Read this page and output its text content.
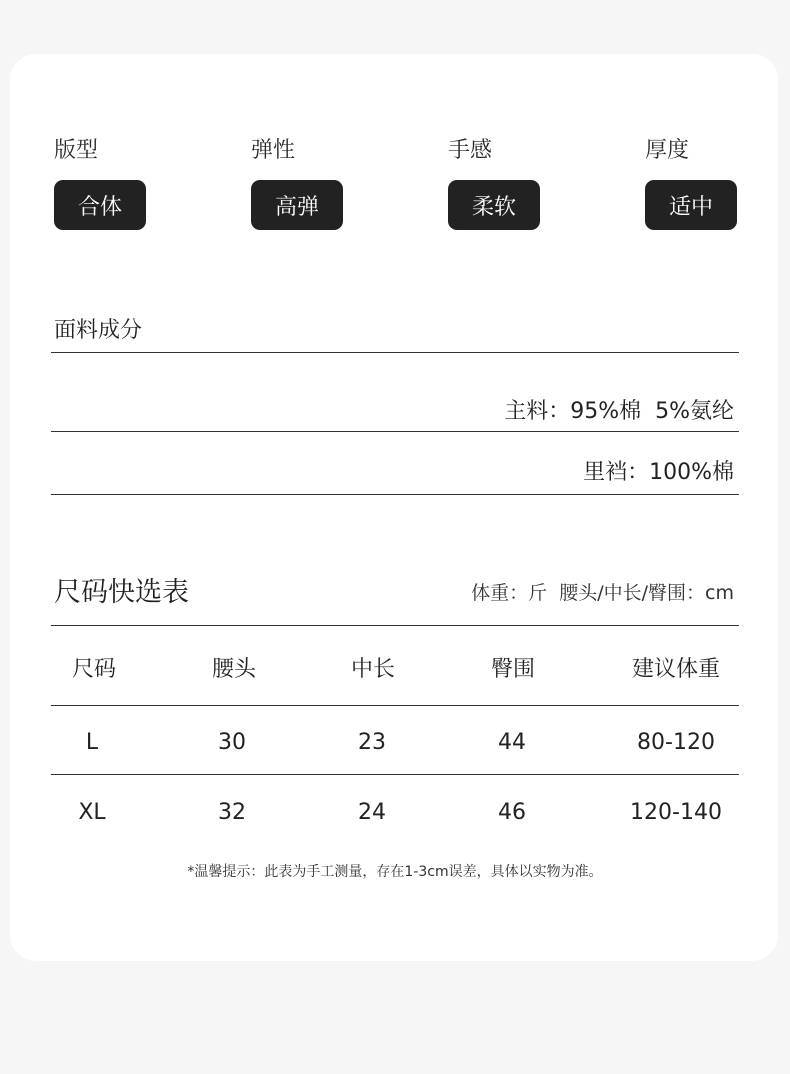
版型
合体
弹性
高弹
手感
柔软
厚度
适中
面料成分
主料：95%棉  5%氨纶
里裆：100%棉
尺码快选表	体重：斤  腰头/中长/臀围：cm
尺码	腰头	中长	臀围	建议体重
L	30	23	44	80-120
XL	32	24	46	120-140
*温馨提示：此表为手工测量，存在1-3cm误差，具体以实物为准。
